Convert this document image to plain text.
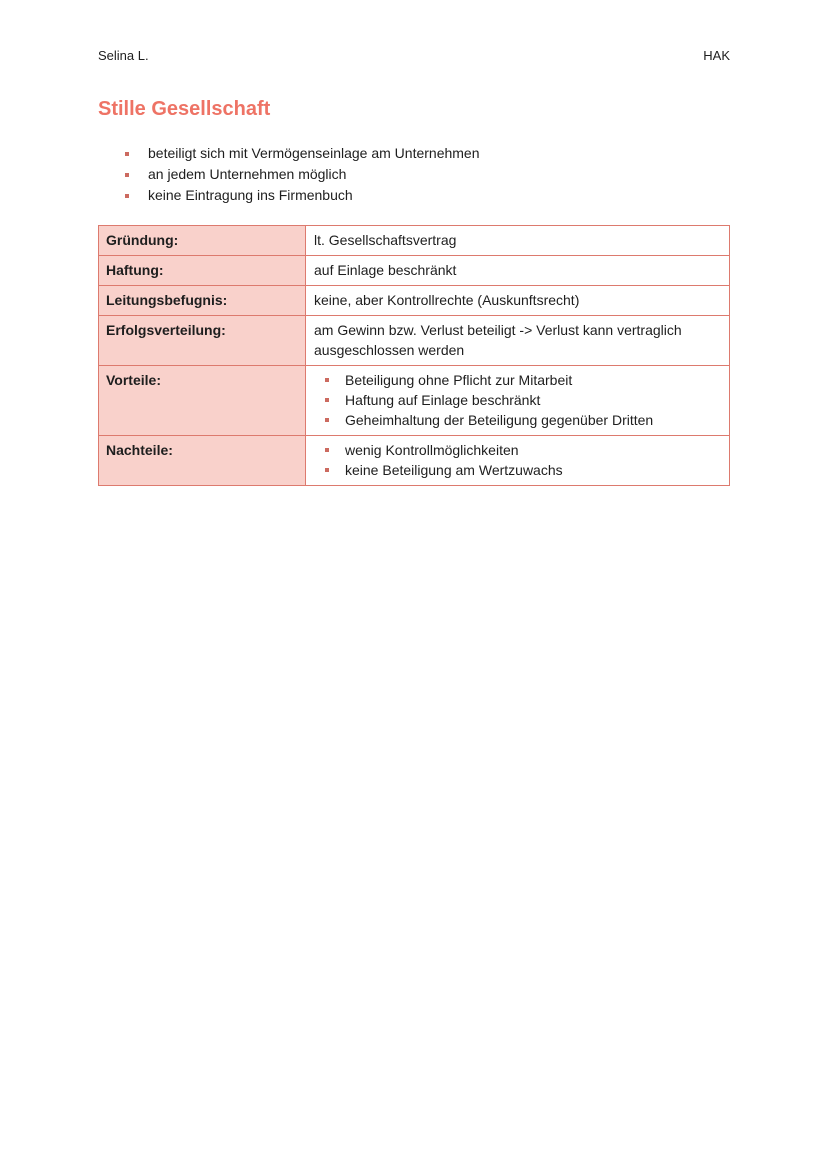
Selina L.	HAK
Stille Gesellschaft
beteiligt sich mit Vermögenseinlage am Unternehmen
an jedem Unternehmen möglich
keine Eintragung ins Firmenbuch
Gründung:	lt. Gesellschaftsvertrag
Haftung:	auf Einlage beschränkt
Leitungsbefugnis:	keine, aber Kontrollrechte (Auskunftsrecht)
Erfolgsverteilung:	am Gewinn bzw. Verlust beteiligt -> Verlust kann vertraglich ausgeschlossen werden
Vorteile:	Beteiligung ohne Pflicht zur Mitarbeit
Haftung auf Einlage beschränkt
Geheimhaltung der Beteiligung gegenüber Dritten
Nachteile:	wenig Kontrollmöglichkeiten
keine Beteiligung am Wertzuwachs
